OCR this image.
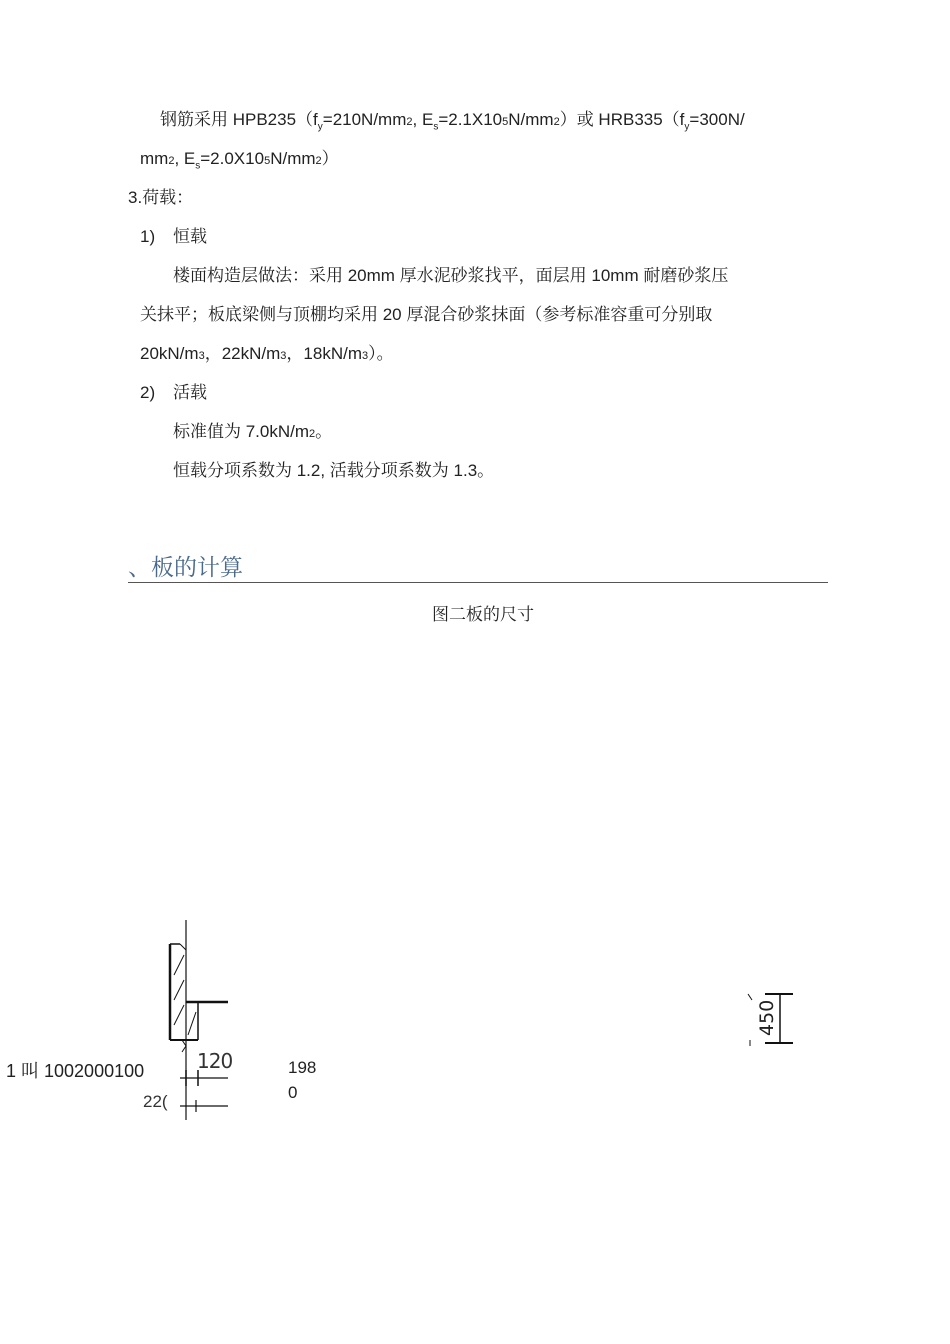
钢筋采用 $HPB235(f_y=210N/mm2$, $E_s=2.1X105N/mm2$）或 $HRB335(f_y=300N/$
mm2, $E_s=2.0X105N/mm2$）
3.荷载：
1) 恒载
楼面构造层做法：采用 20mm 厚水泥砂浆找平，面层用 10mm 耐磨砂浆压
关抹平；板底梁侧与顶棚均采用 20 厚混合砂浆抹面（参考标准容重可分别取
20kN/m3，22kN/m3，18kN/m3）。
2) 活载
标准值为 7.0kN/m2。
恒载分项系数为 1.2, 活载分项系数为 1.3。
、板的计算
图二板的尺寸
1 叫 1002000100	120
22(
198
0
450
